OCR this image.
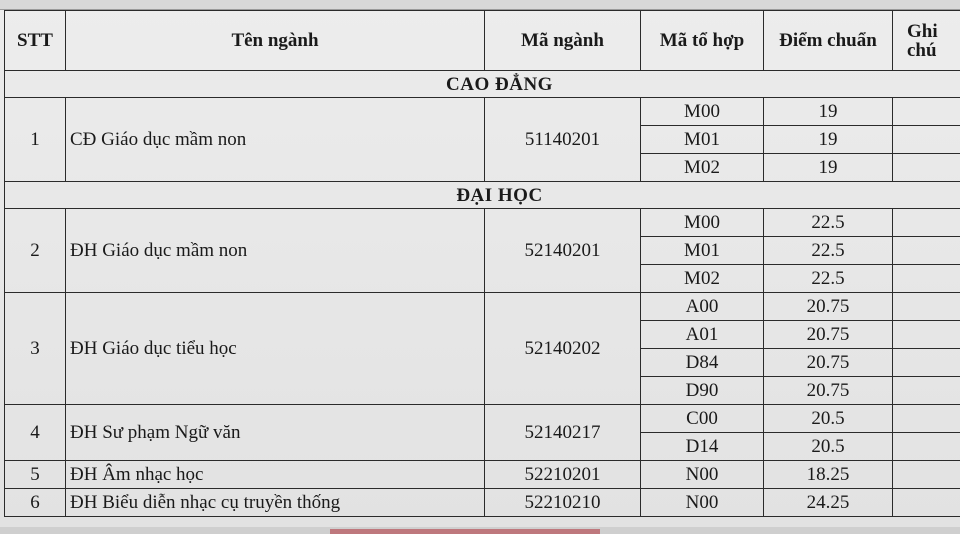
STT	Tên ngành	Mã ngành	Mã tổ hợp	Điểm chuẩn	Ghi
chú
CAO ĐẲNG					
1	CĐ Giáo dục mầm non	51140201	M00	19	
			M01	19	
			M02	19	
ĐẠI HỌC					
2	ĐH Giáo dục mầm non	52140201	M00	22.5	
			M01	22.5	
			M02	22.5	
3	ĐH Giáo dục tiểu học	52140202	A00	20.75	
			A01	20.75	
			D84	20.75	
			D90	20.75	
4	ĐH Sư phạm Ngữ văn	52140217	C00	20.5	
			D14	20.5	
5	ĐH Âm nhạc học	52210201	N00	18.25	
6	ĐH Biểu diễn nhạc cụ truyền thống	52210210	N00	24.25	
